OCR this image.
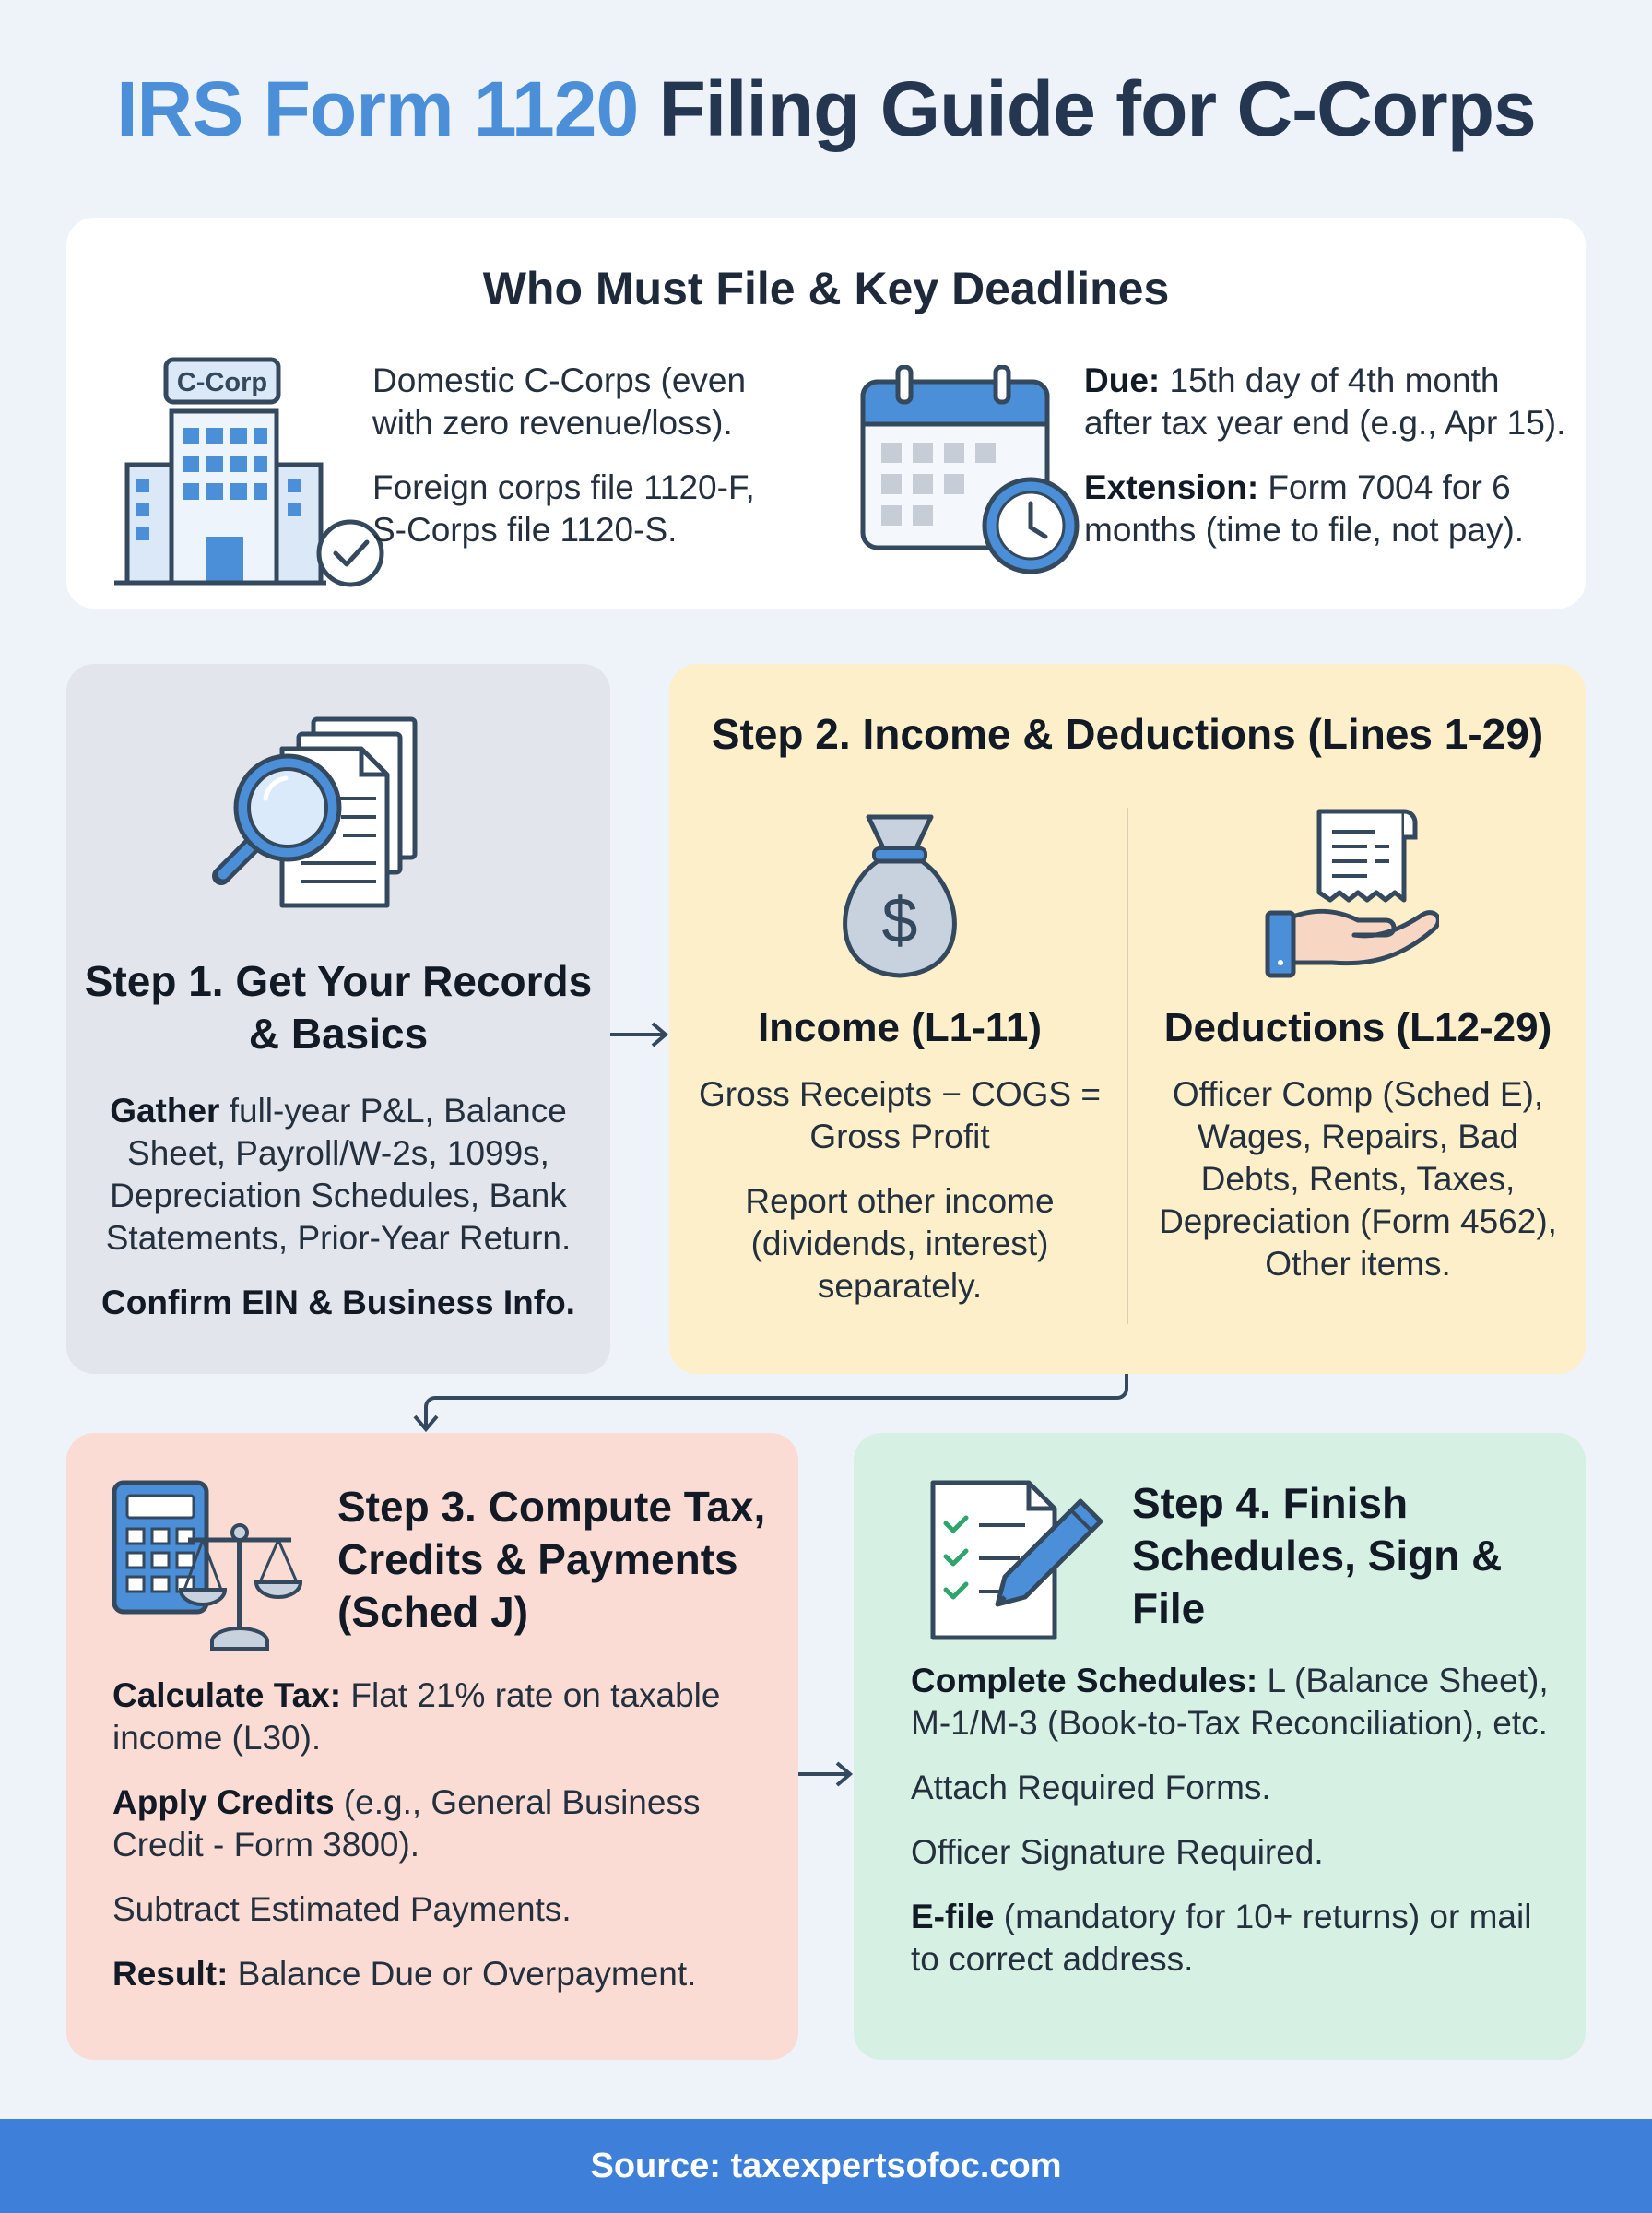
IRS Form 1120 Filing Guide for C-Corps
Who Must File & Key Deadlines
C-Corp	Domestic C-Corps (even with zero revenue/loss).

Foreign corps file 1120-F, S-Corps file 1120-S.

Due: 15th day of 4th month after tax year end (e.g., Apr 15).

Extension: Form 7004 for 6 months (time to file, not pay).

Step 1. Get Your Records & Basics

Gather full-year P&L, Balance Sheet, Payroll/W-2s, 1099s, Depreciation Schedules, Bank Statements, Prior-Year Return.

Confirm EIN & Business Info.

Step 2. Income & Deductions (Lines 1-29)
$

Income (L1-11)

Gross Receipts − COGS = Gross Profit

Report other income (dividends, interest) separately.

Deductions (L12-29)

Officer Comp (Sched E), Wages, Repairs, Bad Debts, Rents, Taxes, Depreciation (Form 4562), Other items.

Step 3. Compute Tax, Credits & Payments (Sched J)

Calculate Tax: Flat 21% rate on taxable income (L30).

Apply Credits (e.g., General Business Credit - Form 3800).

Subtract Estimated Payments.

Result: Balance Due or Overpayment.

Step 4. Finish Schedules, Sign & File

Complete Schedules: L (Balance Sheet), M-1/M-3 (Book-to-Tax Reconciliation), etc.

Attach Required Forms.

Officer Signature Required.

E-file (mandatory for 10+ returns) or mail to correct address.

Source: taxexpertsofoc.com
